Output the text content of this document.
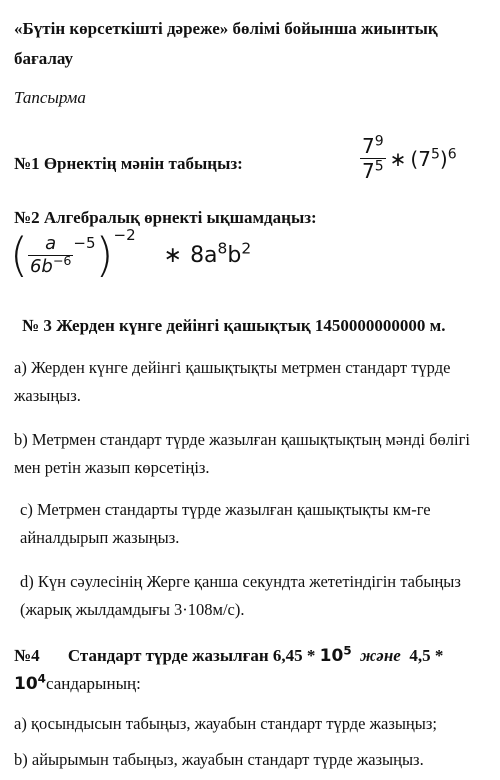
«Бүтін көрсеткішті дәреже» бөлімі бойынша жиынтық бағалау
Тапсырма
№1 Өрнектің мәнін табыңыз:	$\frac{7^9}{7^5}$ ∗ $(7^5)^6$
№2 Алгебралық өрнекті ықшамдаңыз:
( $\frac{a}{6b^{-6}}^{-5}$ )$^{-2}$
∗ $8a^8b^2$
№ 3 Жерден күнге дейінгі қашықтық 1450000000000 м.
а) Жерден күнге дейінгі қашықтықты метрмен стандарт түрде жазыңыз.
b) Метрмен стандарт түрде жазылған қашықтықтың мәнді бөлігі мен ретін жазып көрсетіңіз.
с) Метрмен стандарты түрде жазылған қашықтықты км-ге айналдырып жазыңыз.
d) Күн сәулесінің Жерге қанша секундта жететіндігін табыңыз (жарық жылдамдығы 3·108м/с).
№4 Стандарт түрде жазылған $6,45 * 10^5$ және $4,5 * 10^4сандарының$:
а) қосындысын табыңыз, жауабын стандарт түрде жазыңыз;
b) айырымын табыңыз, жауабын стандарт түрде жазыңыз.
